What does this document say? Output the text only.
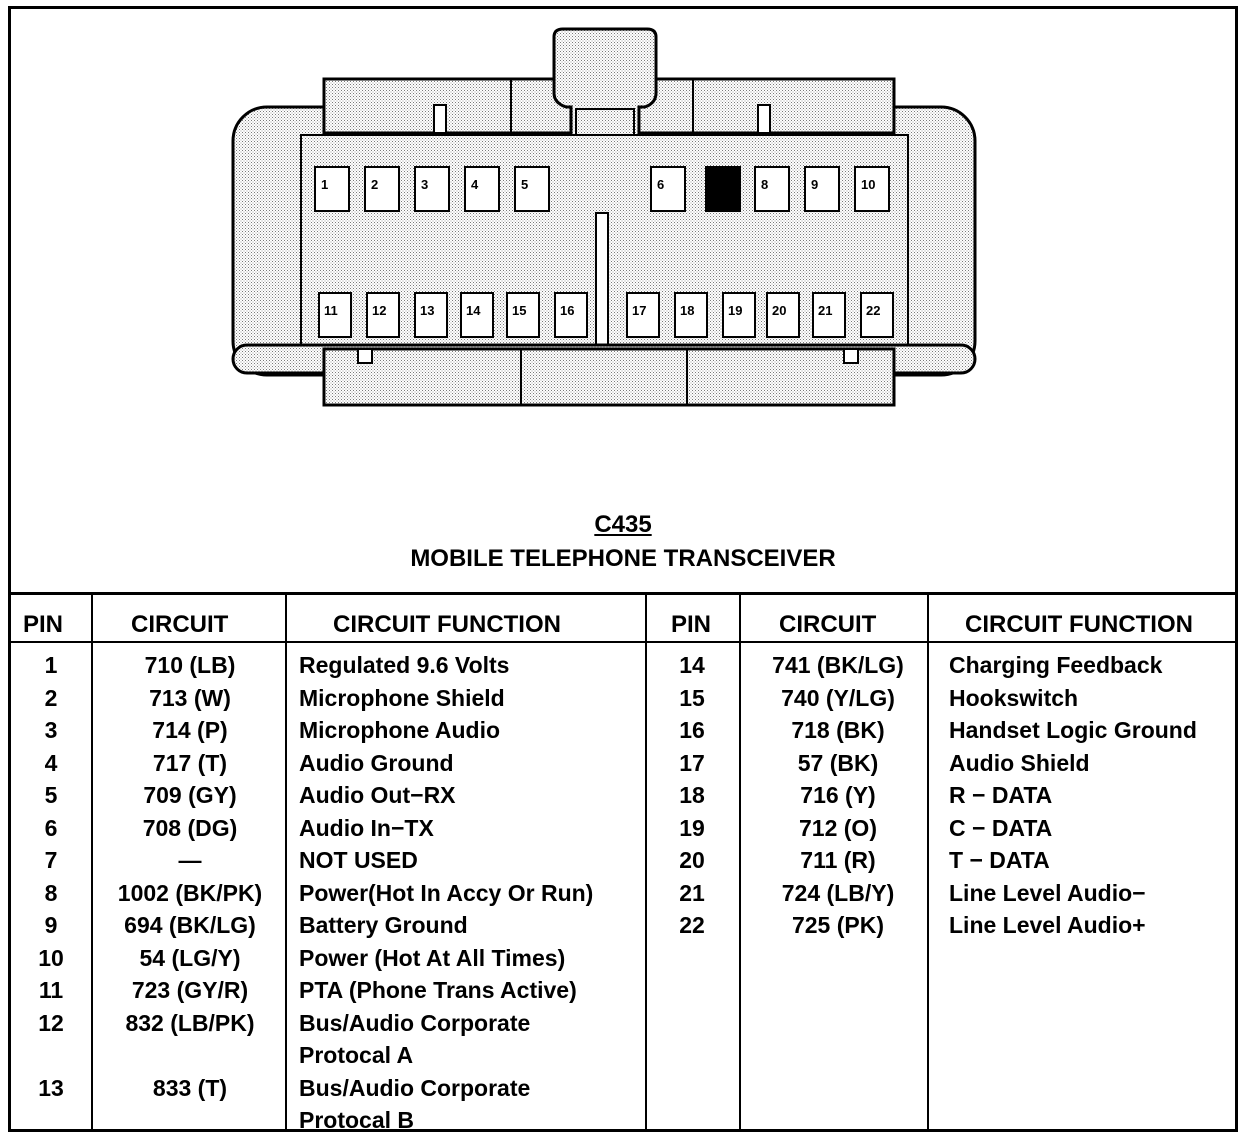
1	2	3	4	5	6	8	9	10
11	12	13 14 15	16	17	18	19 20 21	22
C435
MOBILE TELEPHONE TRANSCEIVER
PIN	CIRCUIT	CIRCUIT FUNCTION	PIN	CIRCUIT	CIRCUIT FUNCTION
1	710 (LB)	Regulated 9.6 Volts
2	713 (W)	Microphone Shield
3	714 (P)	Microphone Audio
4	717 (T)	Audio Ground
5	709 (GY)	Audio Out−RX
6	708 (DG)	Audio In−TX
7	—	NOT USED
8	1002 (BK/PK)	Power(Hot In Accy Or Run)
9	694 (BK/LG)	Battery Ground
10	54 (LG/Y)	Power (Hot At All Times)
11	723 (GY/R)	PTA (Phone Trans Active)
12	832 (LB/PK)	Bus/Audio Corporate
Protocal A
13	833 (T)	Bus/Audio Corporate
Protocal B
14	741 (BK/LG)	Charging Feedback
15	740 (Y/LG)	Hookswitch
16	718 (BK)	Handset Logic Ground
17	57 (BK)	Audio Shield
18	716 (Y)	R − DATA
19	712 (O)	C − DATA
20	711 (R)	T − DATA
21	724 (LB/Y)	Line Level Audio−
22	725 (PK)	Line Level Audio+
